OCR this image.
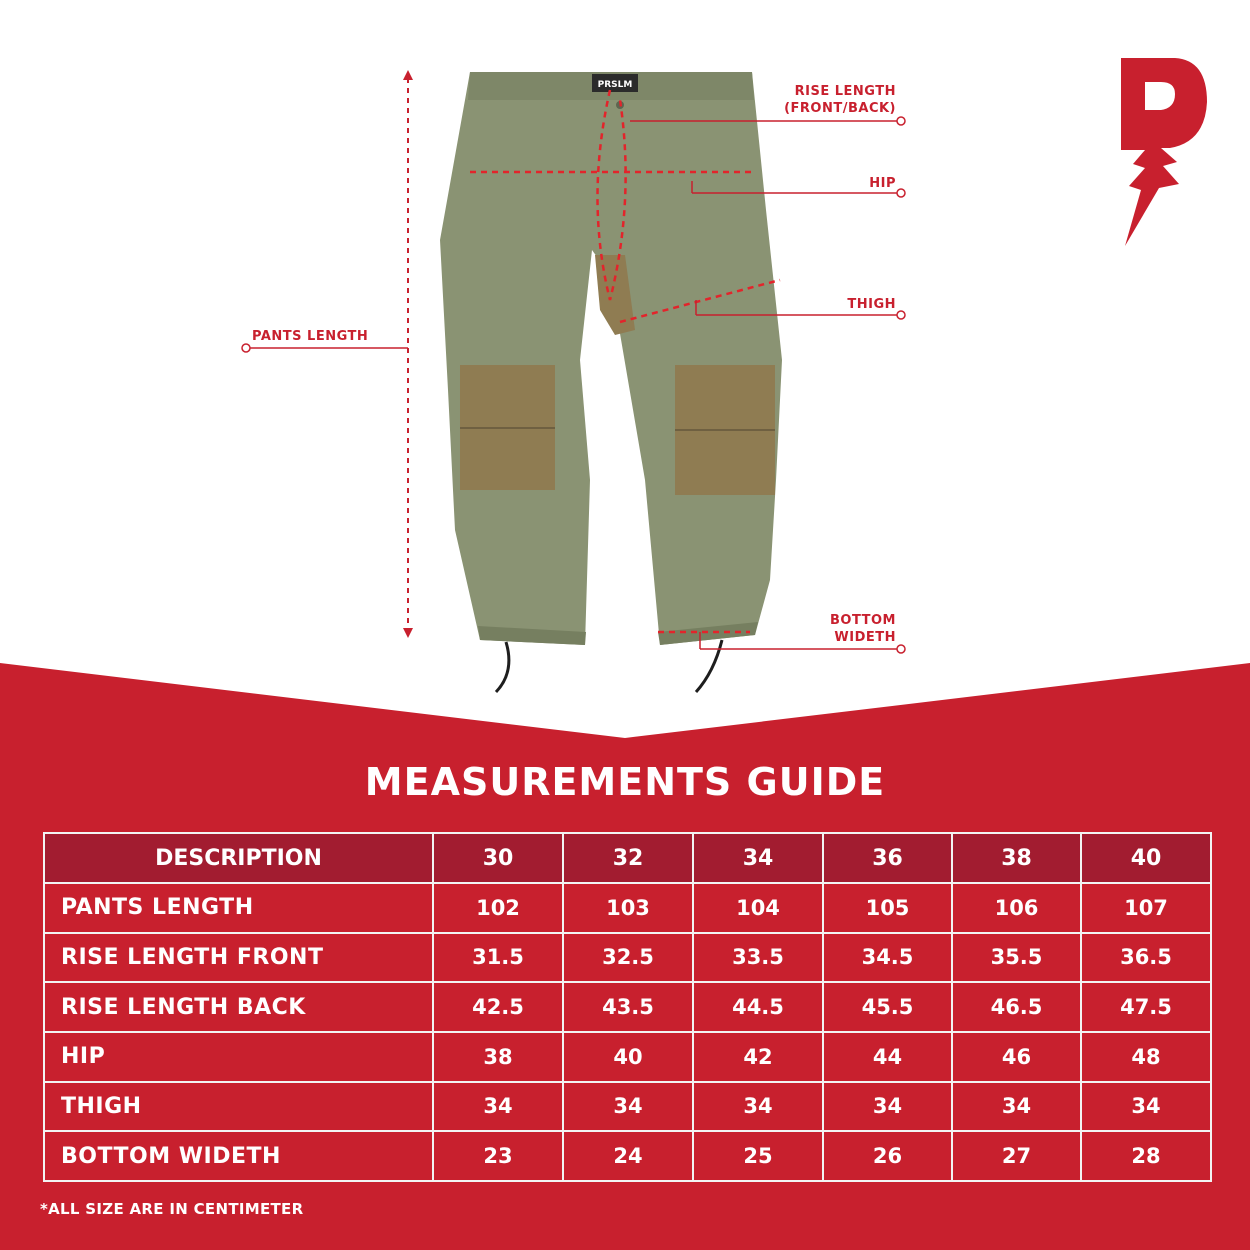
PRSLM	RISE LENGTH
(FRONT/BACK)
HIP
THIGH
PANTS LENGTH
BOTTOM
WIDETH
MEASUREMENTS GUIDE
DESCRIPTION	30	32	34	36	38	40
PANTS LENGTH	102	103	104	105	106	107
RISE LENGTH FRONT	31.5	32.5	33.5	34.5	35.5	36.5
RISE LENGTH BACK	42.5	43.5	44.5	45.5	46.5	47.5
HIP	38	40	42	44	46	48
THIGH	34	34	34	34	34	34
BOTTOM WIDETH	23	24	25	26	27	28
*ALL SIZE ARE IN CENTIMETER
